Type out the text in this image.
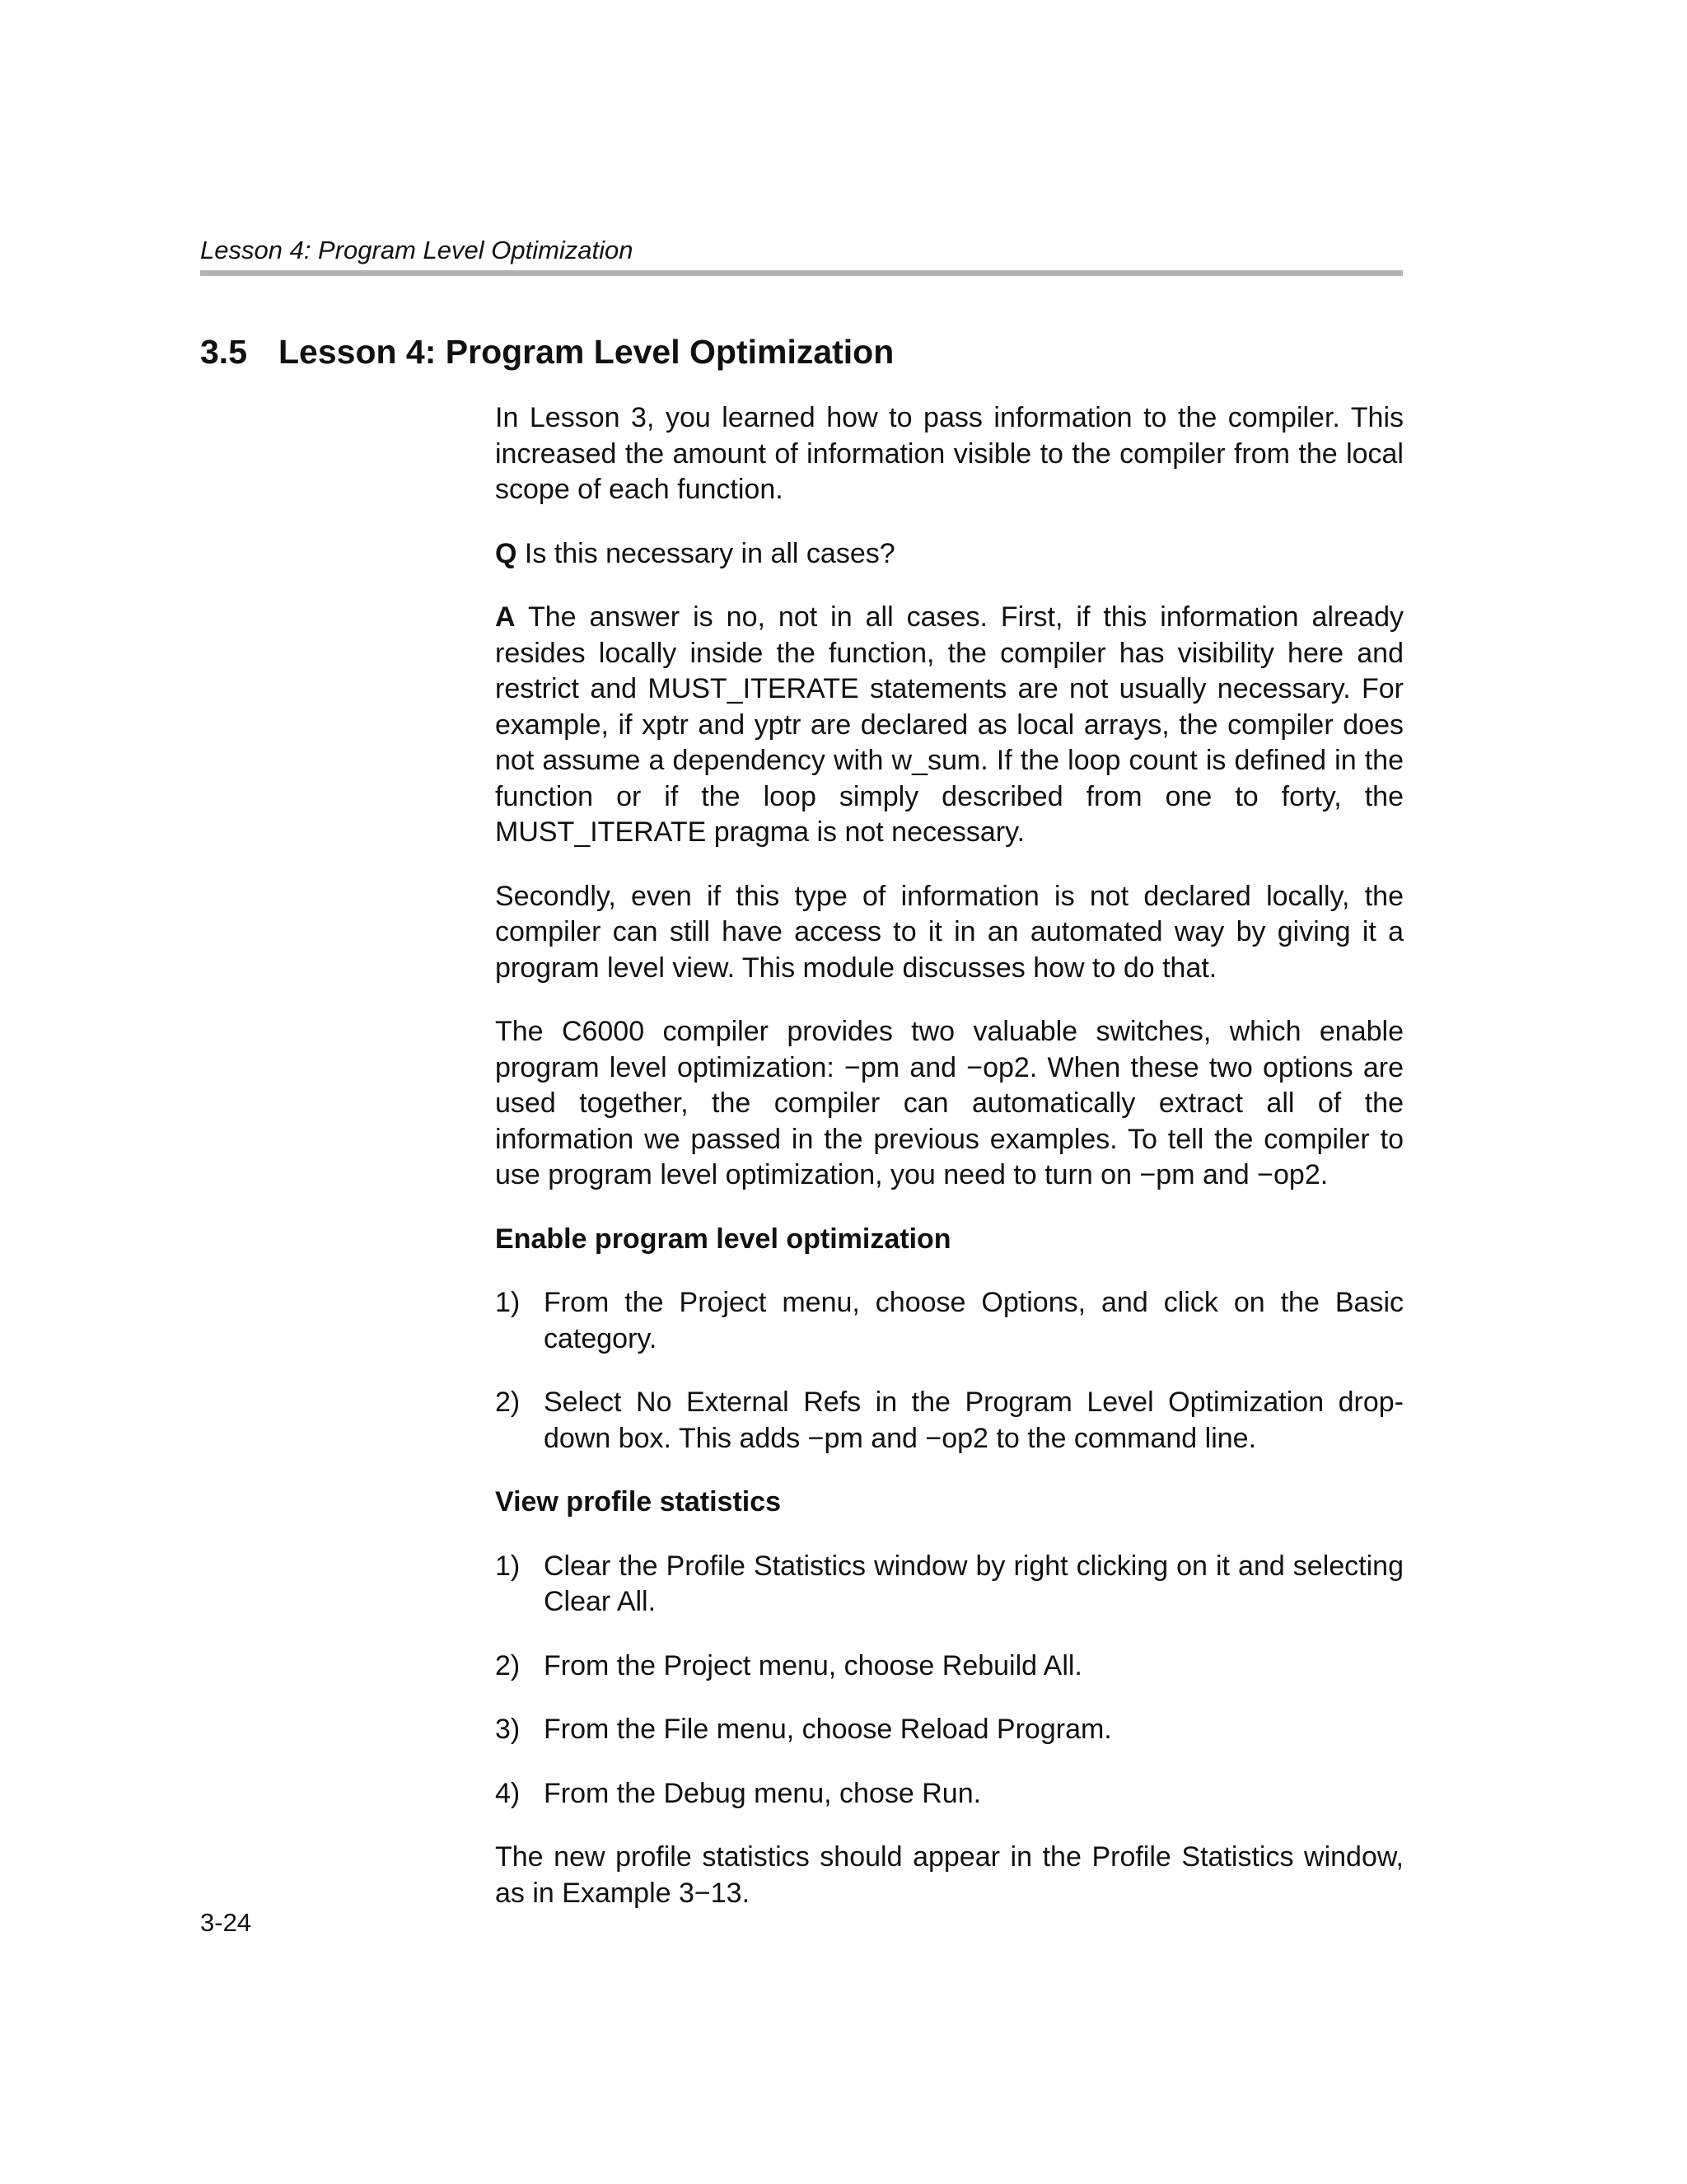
Lesson 4: Program Level Optimization
3.5 Lesson 4: Program Level Optimization

In Lesson 3, you learned how to pass information to the compiler. This increased the amount of information visible to the compiler from the local scope of each function.

Q Is this necessary in all cases?

A The answer is no, not in all cases. First, if this information already resides locally inside the function, the compiler has visibility here and restrict and MUST_ITERATE statements are not usually necessary. For example, if xptr and yptr are declared as local arrays, the compiler does not assume a dependency with w_sum. If the loop count is defined in the function or if the loop simply described from one to forty, the MUST_ITERATE pragma is not necessary.

Secondly, even if this type of information is not declared locally, the compiler can still have access to it in an automated way by giving it a program level view. This module discusses how to do that.

The C6000 compiler provides two valuable switches, which enable program level optimization: −pm and −op2. When these two options are used together, the compiler can automatically extract all of the information we passed in the previous examples. To tell the compiler to use program level optimization, you need to turn on −pm and −op2.

Enable program level optimization
1) From the Project menu, choose Options, and click on the Basic category.
2) Select No External Refs in the Program Level Optimization drop-down box. This adds −pm and −op2 to the command line.
View profile statistics
1) Clear the Profile Statistics window by right clicking on it and selecting Clear All.
2) From the Project menu, choose Rebuild All.
3) From the File menu, choose Reload Program.
4) From the Debug menu, chose Run.

The new profile statistics should appear in the Profile Statistics window, as in Example 3−13.

3-24
